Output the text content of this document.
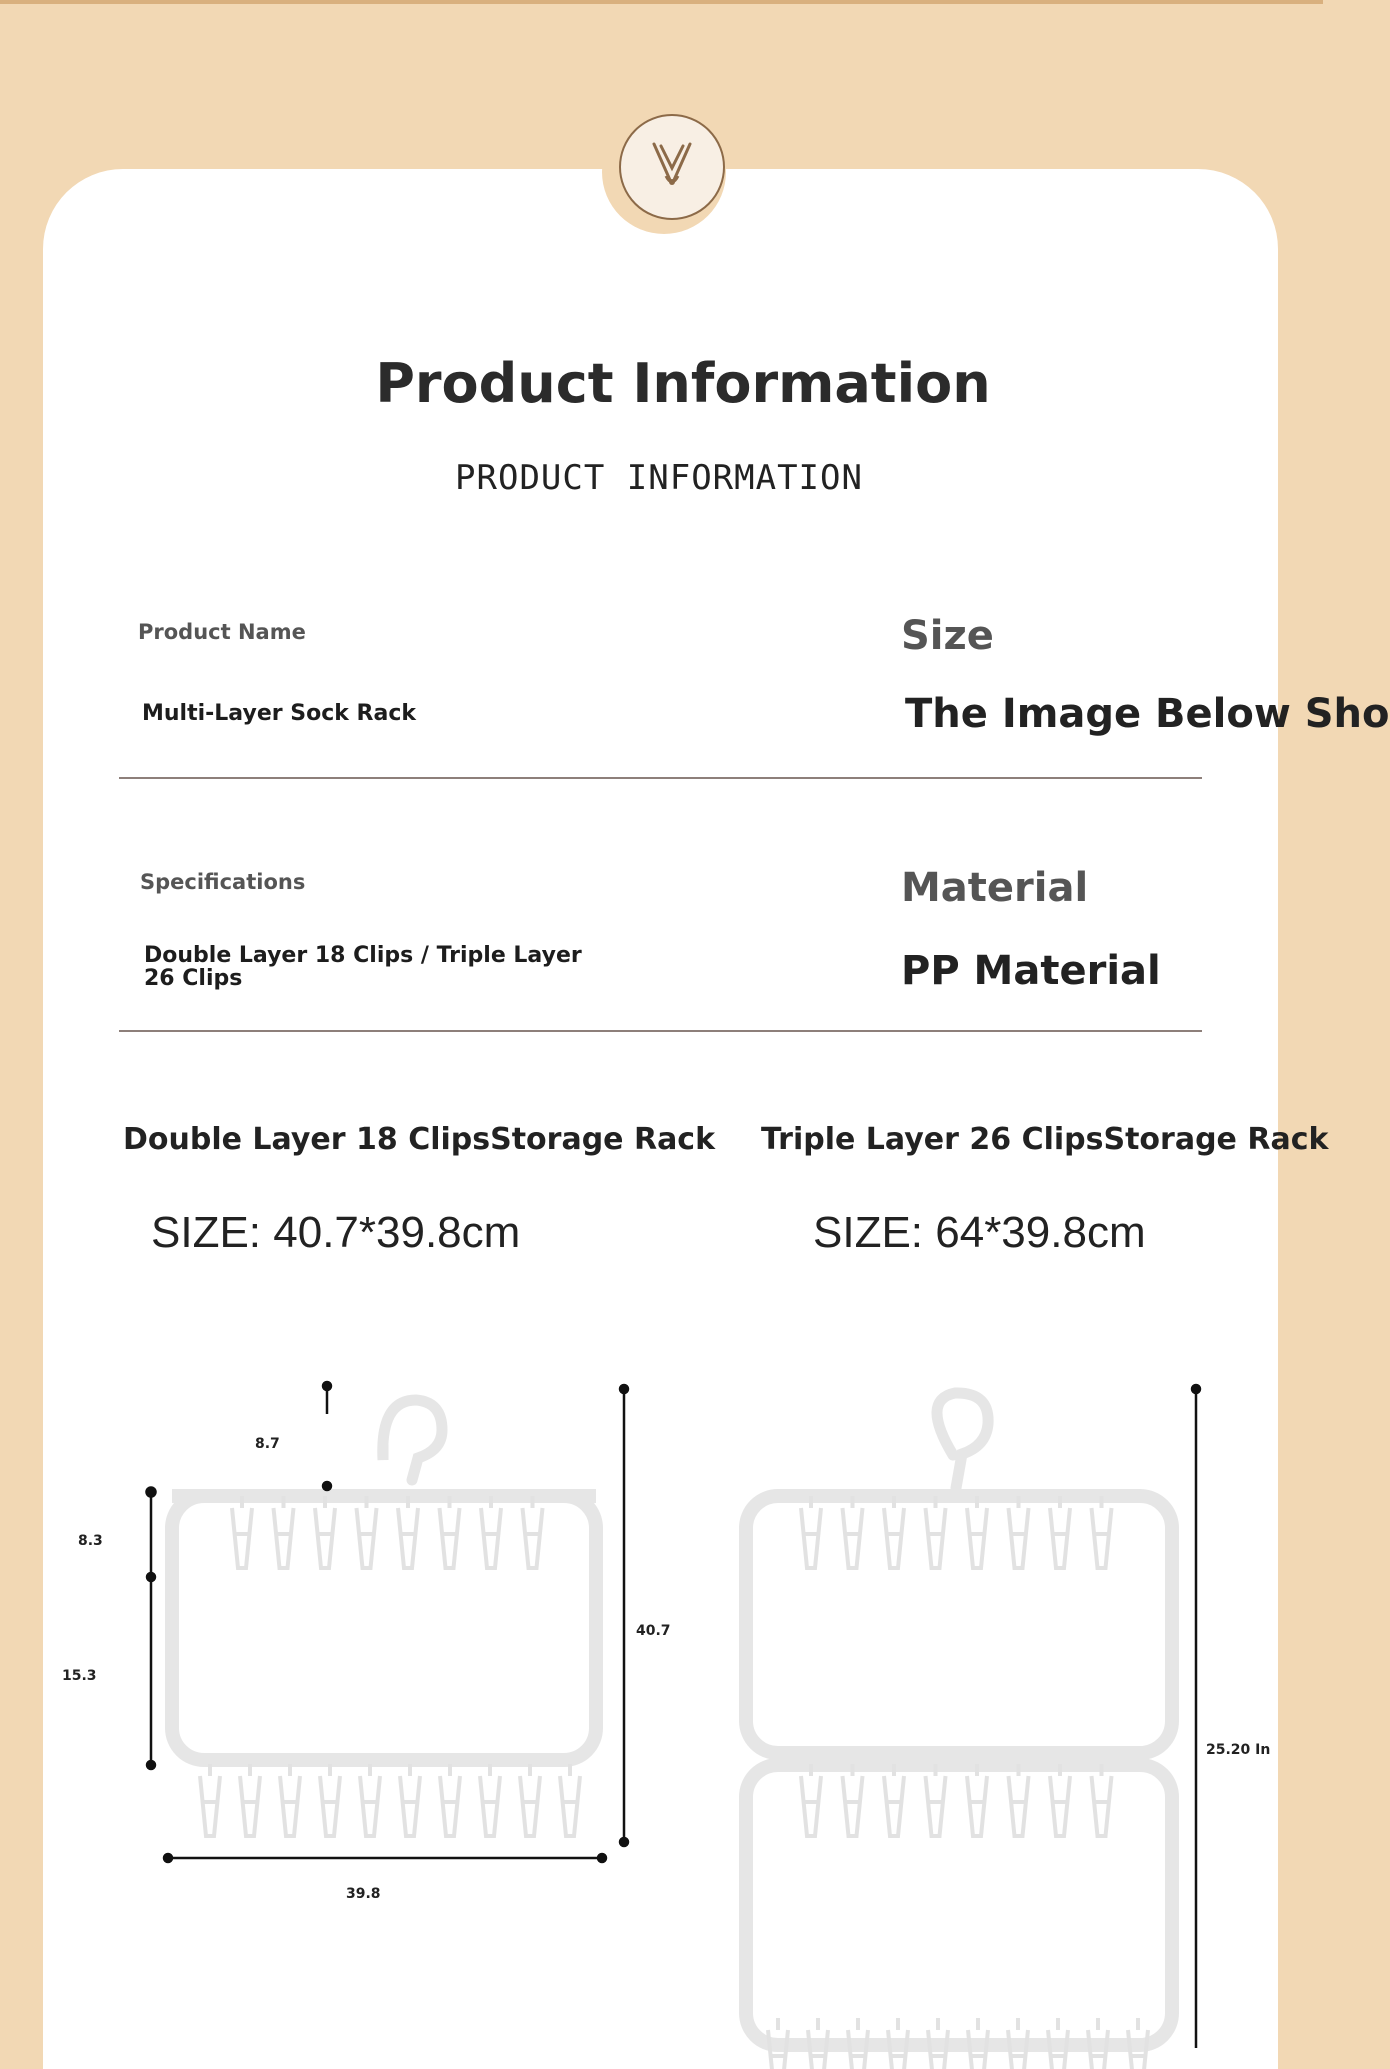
Product Information
PRODUCT INFORMATION
Product Name
Multi-Layer Sock Rack
Size
The Image Below Sho
Specifications
Double Layer 18 Clips / Triple Layer
26 Clips
Material
PP Material
Double Layer 18 ClipsStorage Rack Triple Layer 26 ClipsStorage Rack
SIZE: 40.7*39.8cm	SIZE: 64*39.8cm
8.7
8.3
15.3
40.7
39.8
25.20 In
